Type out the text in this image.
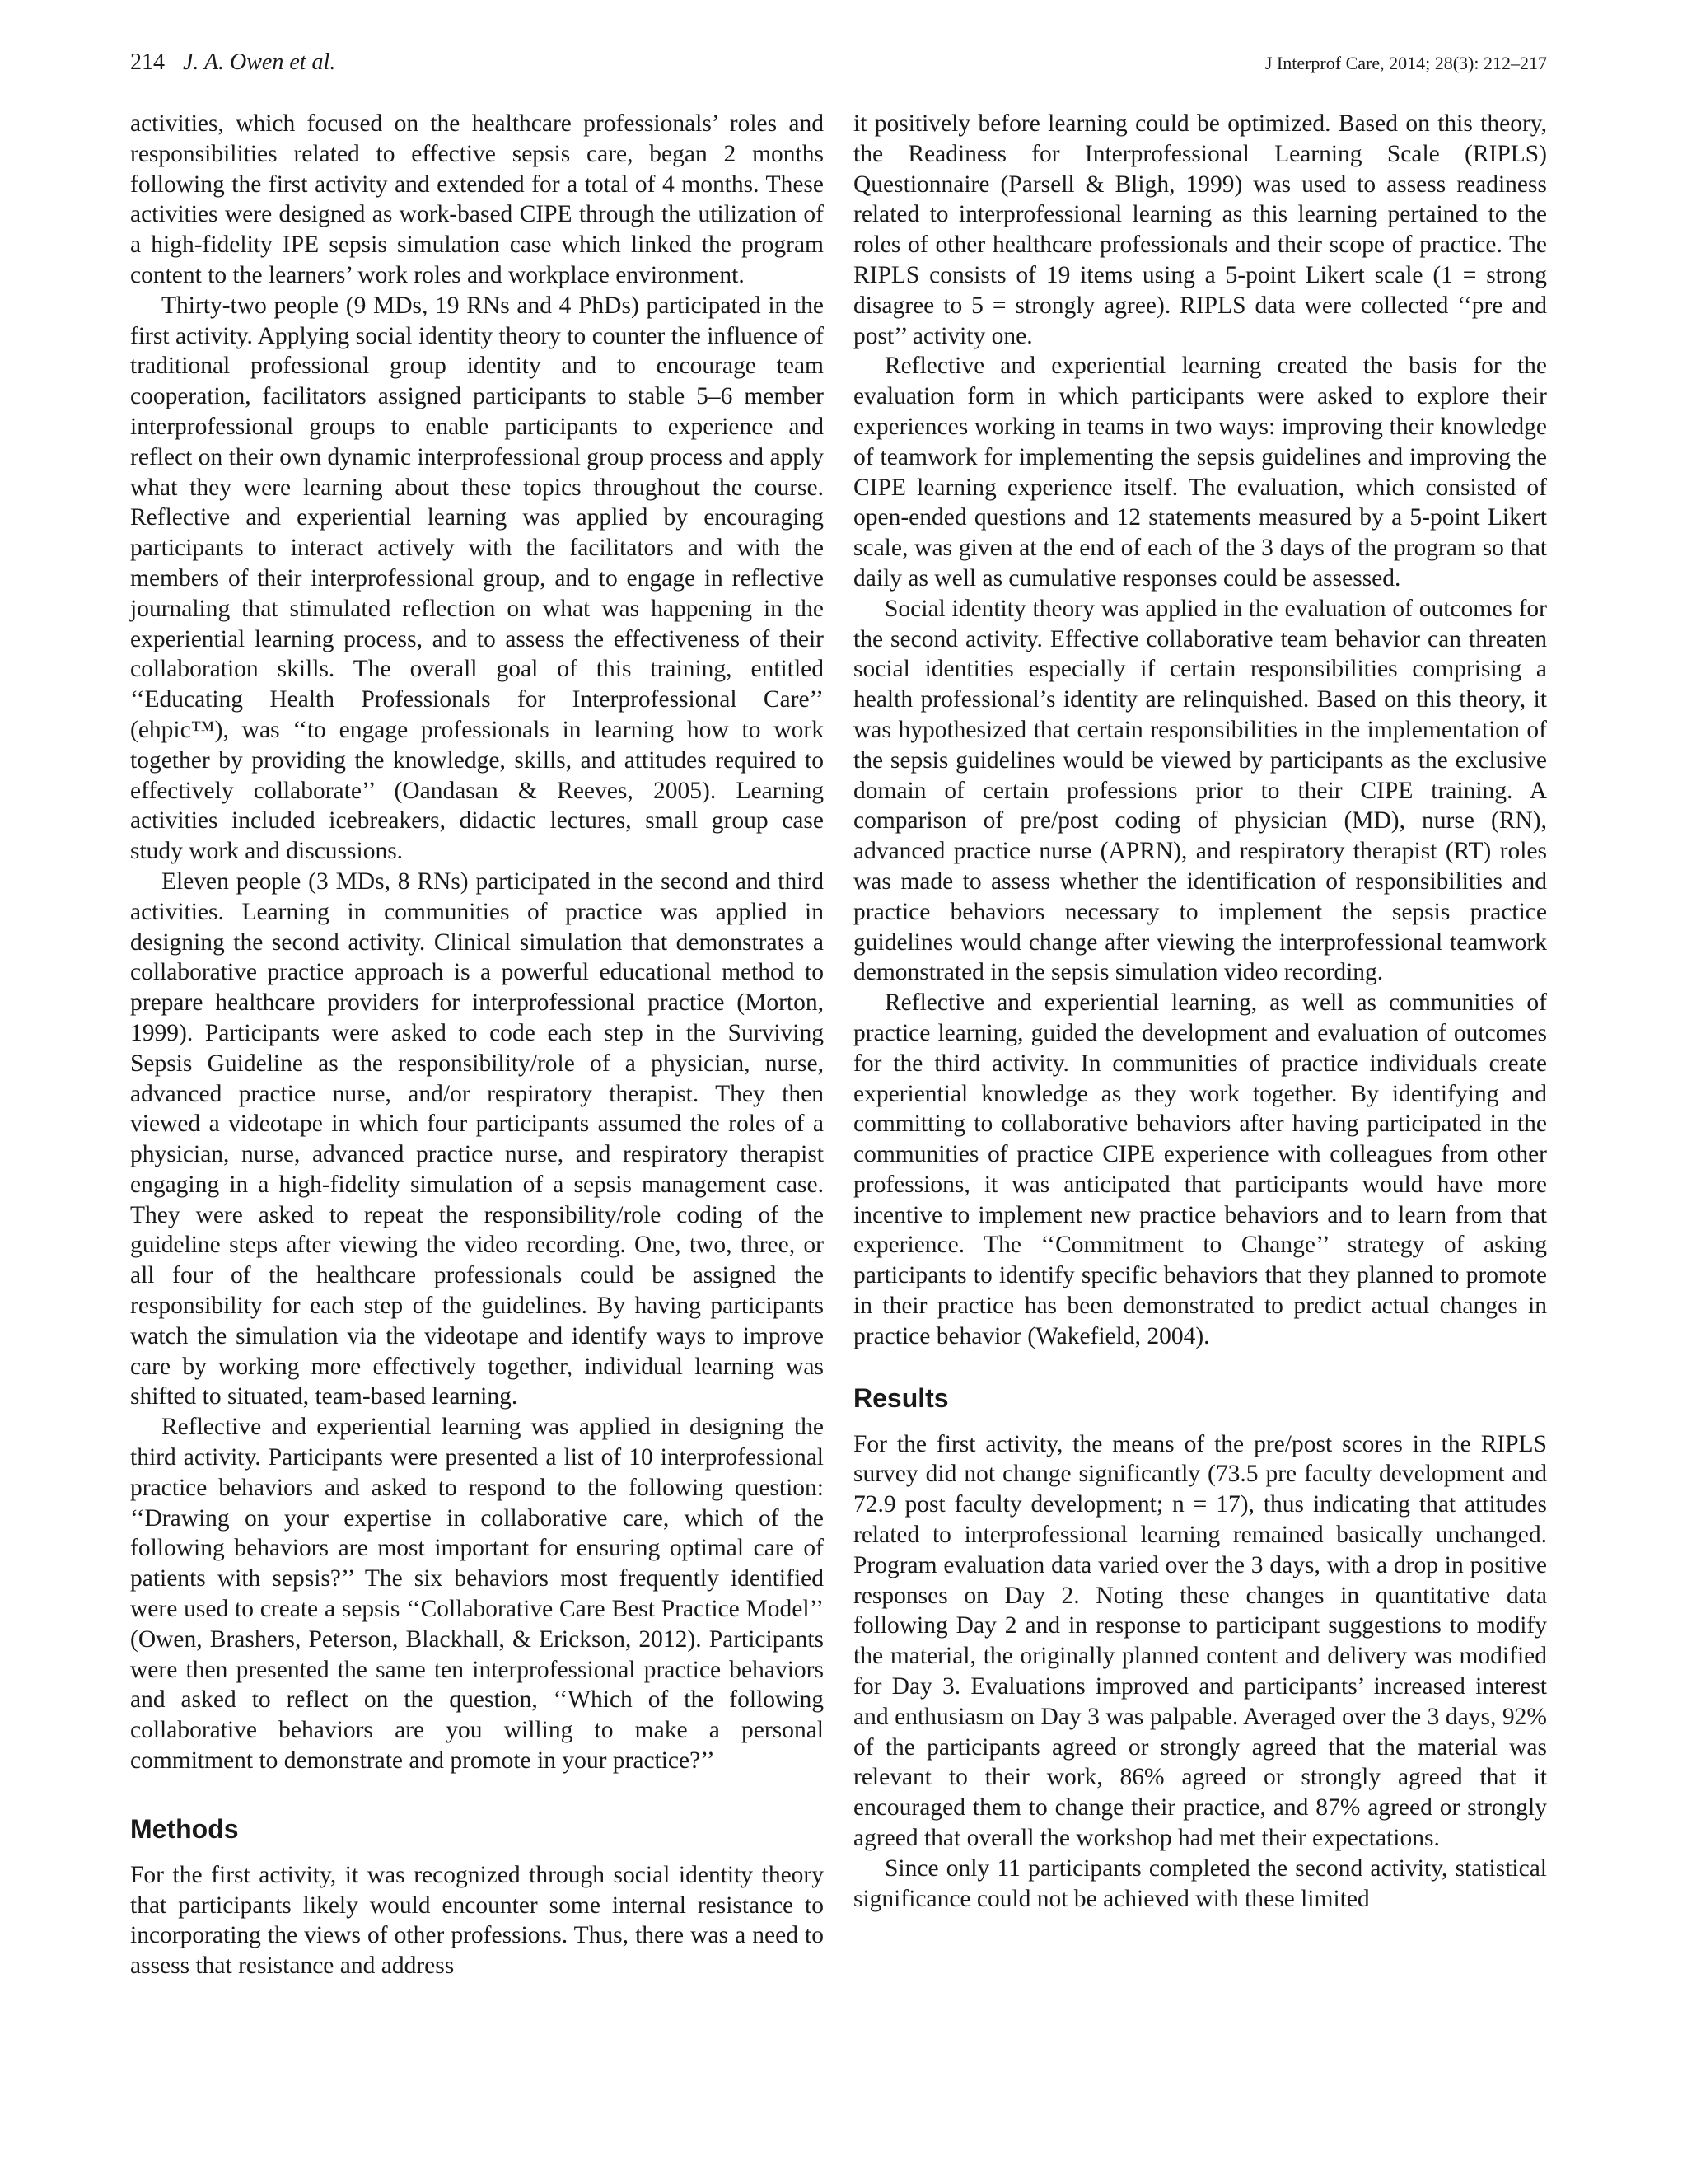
214 J. A. Owen et al.	J Interprof Care, 2014; 28(3): 212–217

activities, which focused on the healthcare professionals’ roles and responsibilities related to effective sepsis care, began 2 months following the first activity and extended for a total of 4 months. These activities were designed as work-based CIPE through the utilization of a high-fidelity IPE sepsis simulation case which linked the program content to the learners’ work roles and workplace environment.

Thirty-two people (9 MDs, 19 RNs and 4 PhDs) participated in the first activity. Applying social identity theory to counter the influence of traditional professional group identity and to encourage team cooperation, facilitators assigned participants to stable 5–6 member interprofessional groups to enable participants to experience and reflect on their own dynamic interprofessional group process and apply what they were learning about these topics throughout the course. Reflective and experiential learning was applied by encouraging participants to interact actively with the facilitators and with the members of their interprofessional group, and to engage in reflective journaling that stimulated reflection on what was happening in the experiential learning process, and to assess the effectiveness of their collaboration skills. The overall goal of this training, entitled ‘‘Educating Health Professionals for Interprofessional Care’’ (ehpic™), was ‘‘to engage professionals in learning how to work together by providing the knowledge, skills, and attitudes required to effectively collaborate’’ (Oandasan & Reeves, 2005). Learning activities included icebreakers, didactic lectures, small group case study work and discussions.

Eleven people (3 MDs, 8 RNs) participated in the second and third activities. Learning in communities of practice was applied in designing the second activity. Clinical simulation that demonstrates a collaborative practice approach is a powerful educational method to prepare healthcare providers for interprofessional practice (Morton, 1999). Participants were asked to code each step in the Surviving Sepsis Guideline as the responsibility/role of a physician, nurse, advanced practice nurse, and/or respiratory therapist. They then viewed a videotape in which four participants assumed the roles of a physician, nurse, advanced practice nurse, and respiratory therapist engaging in a high-fidelity simulation of a sepsis management case. They were asked to repeat the responsibility/role coding of the guideline steps after viewing the video recording. One, two, three, or all four of the healthcare professionals could be assigned the responsibility for each step of the guidelines. By having participants watch the simulation via the videotape and identify ways to improve care by working more effectively together, individual learning was shifted to situated, team-based learning.

Reflective and experiential learning was applied in designing the third activity. Participants were presented a list of 10 interprofessional practice behaviors and asked to respond to the following question: ‘‘Drawing on your expertise in collaborative care, which of the following behaviors are most important for ensuring optimal care of patients with sepsis?’’ The six behaviors most frequently identified were used to create a sepsis ‘‘Collaborative Care Best Practice Model’’ (Owen, Brashers, Peterson, Blackhall, & Erickson, 2012). Participants were then presented the same ten interprofessional practice behaviors and asked to reflect on the question, ‘‘Which of the following collaborative behaviors are you willing to make a personal commitment to demonstrate and promote in your practice?’’

Methods

For the first activity, it was recognized through social identity theory that participants likely would encounter some internal resistance to incorporating the views of other professions. Thus, there was a need to assess that resistance and address

it positively before learning could be optimized. Based on this theory, the Readiness for Interprofessional Learning Scale (RIPLS) Questionnaire (Parsell & Bligh, 1999) was used to assess readiness related to interprofessional learning as this learning pertained to the roles of other healthcare professionals and their scope of practice. The RIPLS consists of 19 items using a 5-point Likert scale (1 = strong disagree to 5 = strongly agree). RIPLS data were collected ‘‘pre and post’’ activity one.

Reflective and experiential learning created the basis for the evaluation form in which participants were asked to explore their experiences working in teams in two ways: improving their knowledge of teamwork for implementing the sepsis guidelines and improving the CIPE learning experience itself. The evaluation, which consisted of open-ended questions and 12 statements measured by a 5-point Likert scale, was given at the end of each of the 3 days of the program so that daily as well as cumulative responses could be assessed.

Social identity theory was applied in the evaluation of outcomes for the second activity. Effective collaborative team behavior can threaten social identities especially if certain responsibilities comprising a health professional’s identity are relinquished. Based on this theory, it was hypothesized that certain responsibilities in the implementation of the sepsis guidelines would be viewed by participants as the exclusive domain of certain professions prior to their CIPE training. A comparison of pre/post coding of physician (MD), nurse (RN), advanced practice nurse (APRN), and respiratory therapist (RT) roles was made to assess whether the identification of responsibilities and practice behaviors necessary to implement the sepsis practice guidelines would change after viewing the interprofessional teamwork demonstrated in the sepsis simulation video recording.

Reflective and experiential learning, as well as communities of practice learning, guided the development and evaluation of outcomes for the third activity. In communities of practice individuals create experiential knowledge as they work together. By identifying and committing to collaborative behaviors after having participated in the communities of practice CIPE experience with colleagues from other professions, it was anticipated that participants would have more incentive to implement new practice behaviors and to learn from that experience. The ‘‘Commitment to Change’’ strategy of asking participants to identify specific behaviors that they planned to promote in their practice has been demonstrated to predict actual changes in practice behavior (Wakefield, 2004).

Results

For the first activity, the means of the pre/post scores in the RIPLS survey did not change significantly (73.5 pre faculty development and 72.9 post faculty development; n = 17), thus indicating that attitudes related to interprofessional learning remained basically unchanged. Program evaluation data varied over the 3 days, with a drop in positive responses on Day 2. Noting these changes in quantitative data following Day 2 and in response to participant suggestions to modify the material, the originally planned content and delivery was modified for Day 3. Evaluations improved and participants’ increased interest and enthusiasm on Day 3 was palpable. Averaged over the 3 days, 92% of the participants agreed or strongly agreed that the material was relevant to their work, 86% agreed or strongly agreed that it encouraged them to change their practice, and 87% agreed or strongly agreed that overall the workshop had met their expectations.

Since only 11 participants completed the second activity, statistical significance could not be achieved with these limited
